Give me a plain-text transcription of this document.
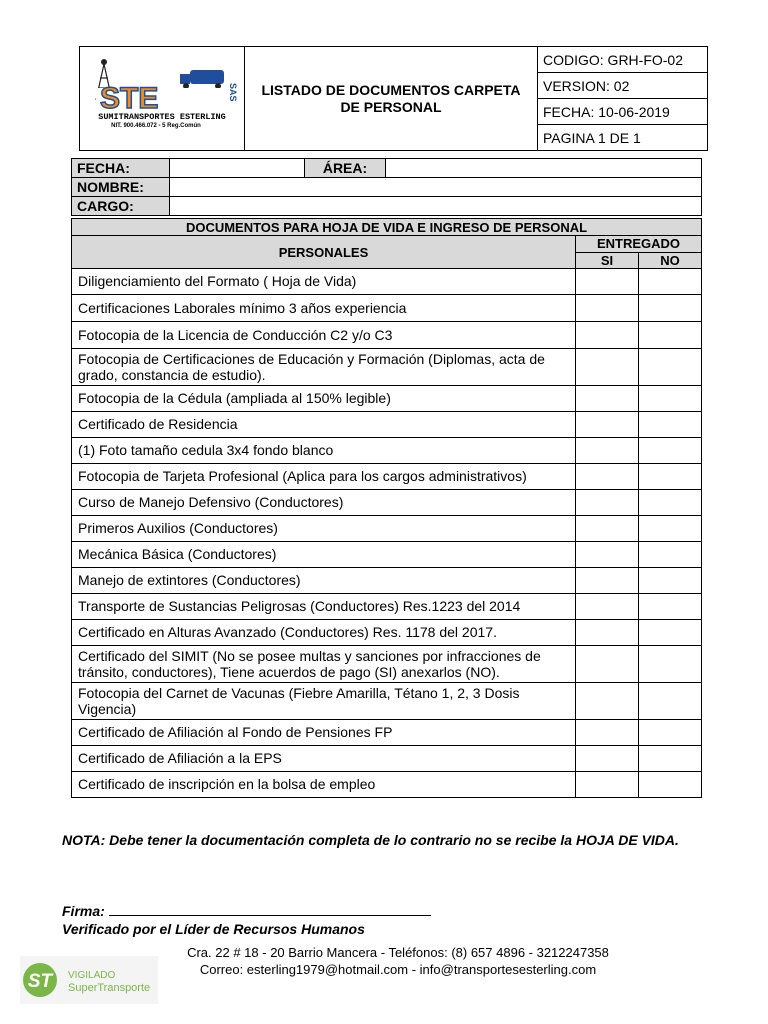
STE	SAS
SUMITRANSPORTES ESTERLING
NIT. 900.466.072 - 5 Reg.Común
	LISTADO DE DOCUMENTOS CARPETA DE PERSONAL	CODIGO: GRH-FO-02
VERSION: 02
FECHA: 10-06-2019
PAGINA 1 DE 1
FECHA:		ÁREA:	
NOMBRE:			
CARGO:			
DOCUMENTOS PARA HOJA DE VIDA E INGRESO DE PERSONAL		
PERSONALES	ENTREGADO	
	SI	NO
Diligenciamiento del Formato ( Hoja de Vida)		
Certificaciones Laborales mínimo 3 años experiencia		
Fotocopia de la Licencia de Conducción C2 y/o C3		
Fotocopia de Certificaciones de Educación y Formación (Diplomas, acta de grado, constancia de estudio).		
Fotocopia de la Cédula (ampliada al 150% legible)		
Certificado de Residencia		
(1) Foto tamaño cedula 3x4 fondo blanco		
Fotocopia de Tarjeta Profesional (Aplica para los cargos administrativos)		
Curso de Manejo Defensivo (Conductores)		
Primeros Auxilios (Conductores)		
Mecánica Básica (Conductores)		
Manejo de extintores (Conductores)		
Transporte de Sustancias Peligrosas (Conductores) Res.1223 del 2014		
Certificado en Alturas Avanzado (Conductores) Res. 1178 del 2017.		
Certificado del SIMIT (No se posee multas y sanciones por infracciones de tránsito, conductores), Tiene acuerdos de pago (SI) anexarlos (NO).		
Fotocopia del Carnet de Vacunas (Fiebre Amarilla, Tétano 1, 2, 3 Dosis Vigencia)		
Certificado de Afiliación al Fondo de Pensiones FP		
Certificado de Afiliación a la EPS		
Certificado de inscripción en la bolsa de empleo		
NOTA: Debe tener la documentación completa de lo contrario no se recibe la HOJA DE VIDA.
Firma:
Verificado por el Líder de Recursos Humanos
Cra. 22 # 18 - 20 Barrio Mancera - Teléfonos: (8) 657 4896 - 3212247358
Correo: esterling1979@hotmail.com - info@transportesesterling.com
ST VIGILADO
SuperTransporte
